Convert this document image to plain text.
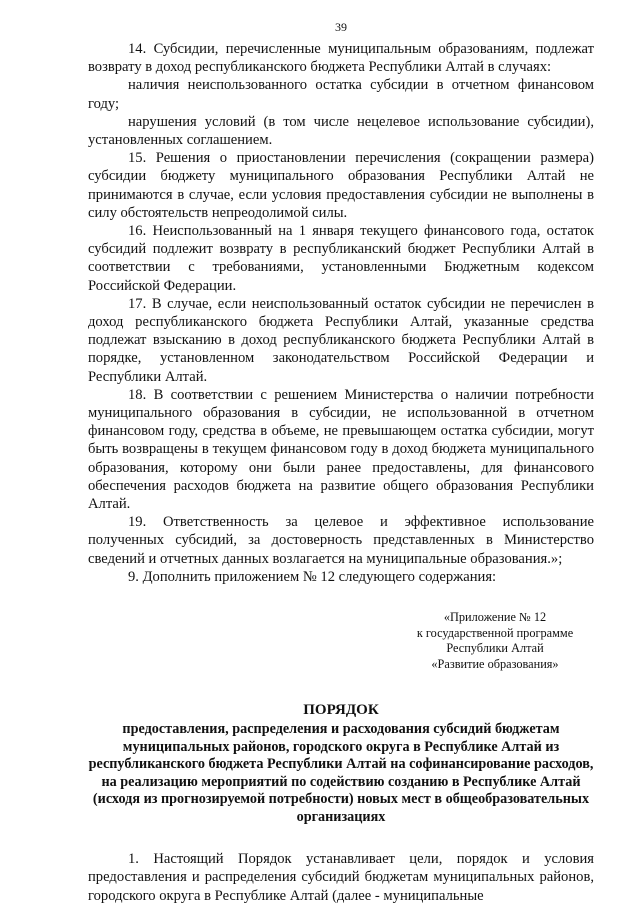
39

14. Субсидии, перечисленные муниципальным образованиям, подлежат возврату в доход республиканского бюджета Республики Алтай в случаях:

наличия неиспользованного остатка субсидии в отчетном финансовом году;

нарушения условий (в том числе нецелевое использование субсидии), установленных соглашением.

15. Решения о приостановлении перечисления (сокращении размера) субсидии бюджету муниципального образования Республики Алтай не принимаются в случае, если условия предоставления субсидии не выполнены в силу обстоятельств непреодолимой силы.

16. Неиспользованный на 1 января текущего финансового года, остаток субсидий подлежит возврату в республиканский бюджет Республики Алтай в соответствии с требованиями, установленными Бюджетным кодексом Российской Федерации.

17. В случае, если неиспользованный остаток субсидии не перечислен в доход республиканского бюджета Республики Алтай, указанные средства подлежат взысканию в доход республиканского бюджета Республики Алтай в порядке, установленном законодательством Российской Федерации и Республики Алтай.

18. В соответствии с решением Министерства о наличии потребности муниципального образования в субсидии, не использованной в отчетном финансовом году, средства в объеме, не превышающем остатка субсидии, могут быть возвращены в текущем финансовом году в доход бюджета муниципального образования, которому они были ранее предоставлены, для финансового обеспечения расходов бюджета на развитие общего образования Республики Алтай.

19. Ответственность за целевое и эффективное использование полученных субсидий, за достоверность представленных в Министерство сведений и отчетных данных возлагается на муниципальные образования.»;

9. Дополнить приложением № 12 следующего содержания:

«Приложение № 12
к государственной программе
Республики Алтай
«Развитие образования»
ПОРЯДОК
предоставления, распределения и расходования субсидий бюджетам муниципальных районов, городского округа в Республике Алтай из республиканского бюджета Республики Алтай на софинансирование расходов, на реализацию мероприятий по содействию созданию в Республике Алтай (исходя из прогнозируемой потребности) новых мест в общеобразовательных организациях

1. Настоящий Порядок устанавливает цели, порядок и условия предоставления и распределения субсидий бюджетам муниципальных районов, городского округа в Республике Алтай (далее - муниципальные
